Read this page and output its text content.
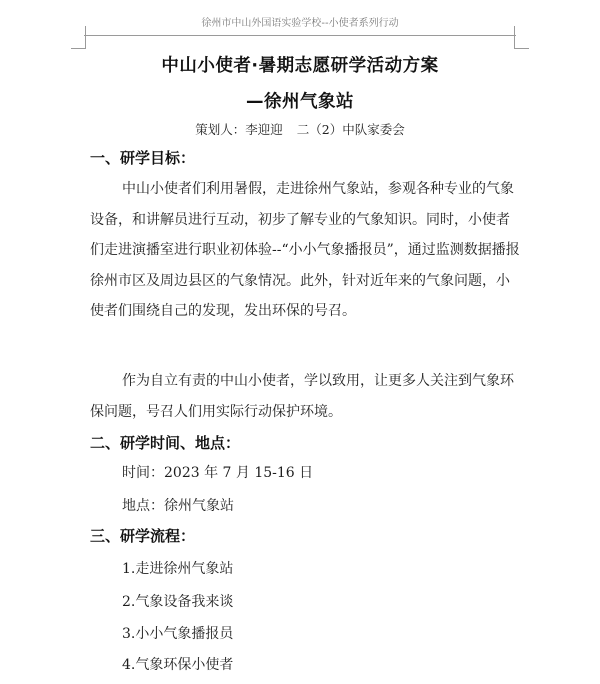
徐州市中山外国语实验学校--小使者系列行动
中山小使者·暑期志愿研学活动方案
—徐州气象站
策划人：李迎迎 二（2）中队家委会
一、研学目标：

中山小使者们利用暑假，走进徐州气象站，参观各种专业的气象设备，和讲解员进行互动，初步了解专业的气象知识。同时，小使者们走进演播室进行职业初体验--“小小气象播报员”，通过监测数据播报徐州市区及周边县区的气象情况。此外，针对近年来的气象问题，小使者们围绕自己的发现，发出环保的号召。

作为自立有责的中山小使者，学以致用，让更多人关注到气象环保问题，号召人们用实际行动保护环境。

二、研学时间、地点：
时间：2023 年 7 月 15-16 日
地点：徐州气象站
三、研学流程：
1.走进徐州气象站
2.气象设备我来谈
3.小小气象播报员
4.气象环保小使者
